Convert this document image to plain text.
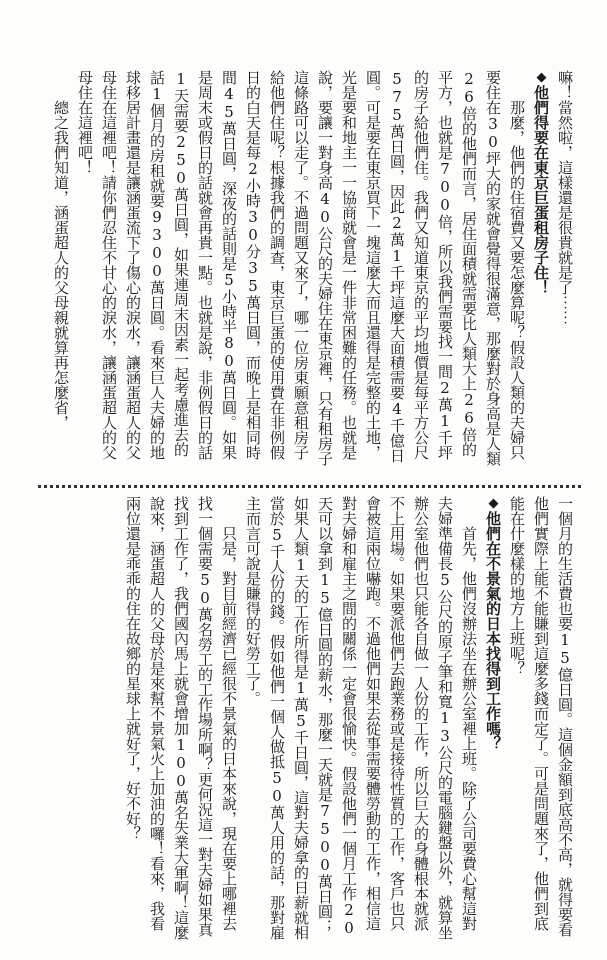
嘛！當然啦，這樣還是很貴就是了⋯⋯

◆他們得要在東京巨蛋租房子住！

那麼，他們的住宿費又要怎麼算呢？假設人類的夫婦只要住在30坪大的家就會覺得很滿意，那麼對於身高是人類26倍的他們而言，居住面積就需要比人類大上26倍的平方，也就是700倍，所以我們需要找一間2萬1千坪的房子給他們住。我們又知道東京的平均地價是每平方公尺575萬日圓，因此2萬1千坪這麼大面積需要4千億日圓。可是要在東京買下一塊這麼大而且還得是完整的土地，光是要和地主一一協商就會是一件非常困難的任務。也就是說，要讓一對身高40公尺的夫婦住在東京裡，只有租房子這條路可以走了。不過問題又來了，哪一位房東願意租房子給他們住呢？根據我們的調查，東京巨蛋的使用費在非例假日的白天是每2小時30分35萬日圓，而晚上是相同時間45萬日圓，深夜的話則是5小時半80萬日圓。如果是周末或假日的話就會再貴一點。也就是說，非例假日的話1天需要250萬日圓，如果連周末因素一起考慮進去的話1個月的房租就要9300萬日圓。看來巨人夫婦的地球移居計畫還是讓涵蛋流下了傷心的淚水，讓涵蛋超人的父母住在這裡吧！請你們忍住不甘心的淚水，讓涵蛋超人的父母住在這裡吧！

總之我們知道，涵蛋超人的父母親就算再怎麼省，

一個月的生活費也要15億日圓。這個金額到底高不高，就得要看他們實際上能不能賺到這麼多錢而定了。可是問題來了，他們到底能在什麼樣的地方上班呢？

◆他們在不景氣的日本找得到工作嗎？

首先，他們沒辦法坐在辦公室裡上班。除了公司要費心幫這對夫婦準備長5公尺的原子筆和寬13公尺的電腦鍵盤以外，就算坐辦公室他們也只能各自做一人份的工作，所以巨大的身體根本就派不上用場。如果要派他們去跑業務或是接待性質的工作，客戶也只會被這兩位嚇跑。不過他們如果去從事需要體勞動的工作，相信這對夫婦和雇主之間的關係一定會很愉快。假設他們一個月工作20天可以拿到15億日圓的薪水，那麼一天就是7500萬日圓；如果人類1天的工作所得是1萬5千日圓，這對夫婦拿的日薪就相當於5千人份的錢。假如他們一個人做抵50萬人用的話，那對雇主而言可說是賺得的好勞工了。

只是，對目前經濟已經很不景氣的日本來說，現在要上哪裡去找一個需要50萬名勞工的工作場所啊？更何況這一對夫婦如果真找到工作了，我們國內馬上就會增加100萬名失業大軍啊！這麼說來，涵蛋超人的父母於是來幫不景氣火上加油的囉！看來，我看兩位還是乖乖的住在故鄉的星球上就好了，好不好？
